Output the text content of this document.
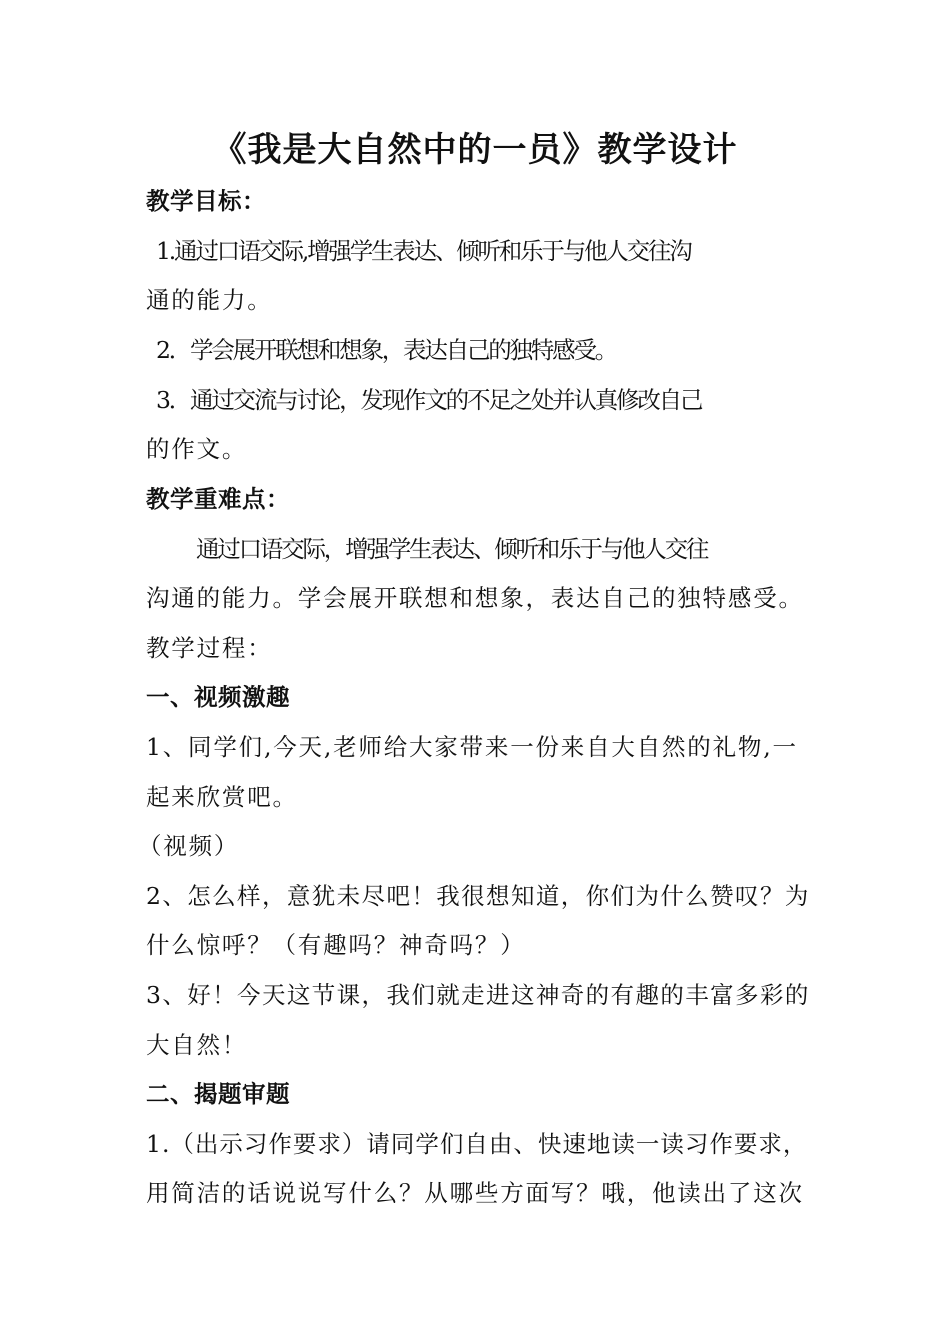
《我是大自然中的一员》教学设计
教学目标：
1.通过口语交际,增强学生表达、倾听和乐于与他人交往沟
通的能力。
2．学会展开联想和想象，表达自己的独特感受。
3．通过交流与讨论，发现作文的不足之处并认真修改自己
的作文。
教学重难点：
通过口语交际，增强学生表达、倾听和乐于与他人交往
沟通的能力。学会展开联想和想象，表达自己的独特感受。
教学过程：
一、视频激趣
1、同学们,今天,老师给大家带来一份来自大自然的礼物,一
起来欣赏吧。
（视频）
2、怎么样，意犹未尽吧！我很想知道，你们为什么赞叹？为
什么惊呼？（有趣吗？神奇吗？）
3、好！今天这节课，我们就走进这神奇的有趣的丰富多彩的
大自然！
二、揭题审题
1.（出示习作要求）请同学们自由、快速地读一读习作要求，
用简洁的话说说写什么？从哪些方面写？哦，他读出了这次
